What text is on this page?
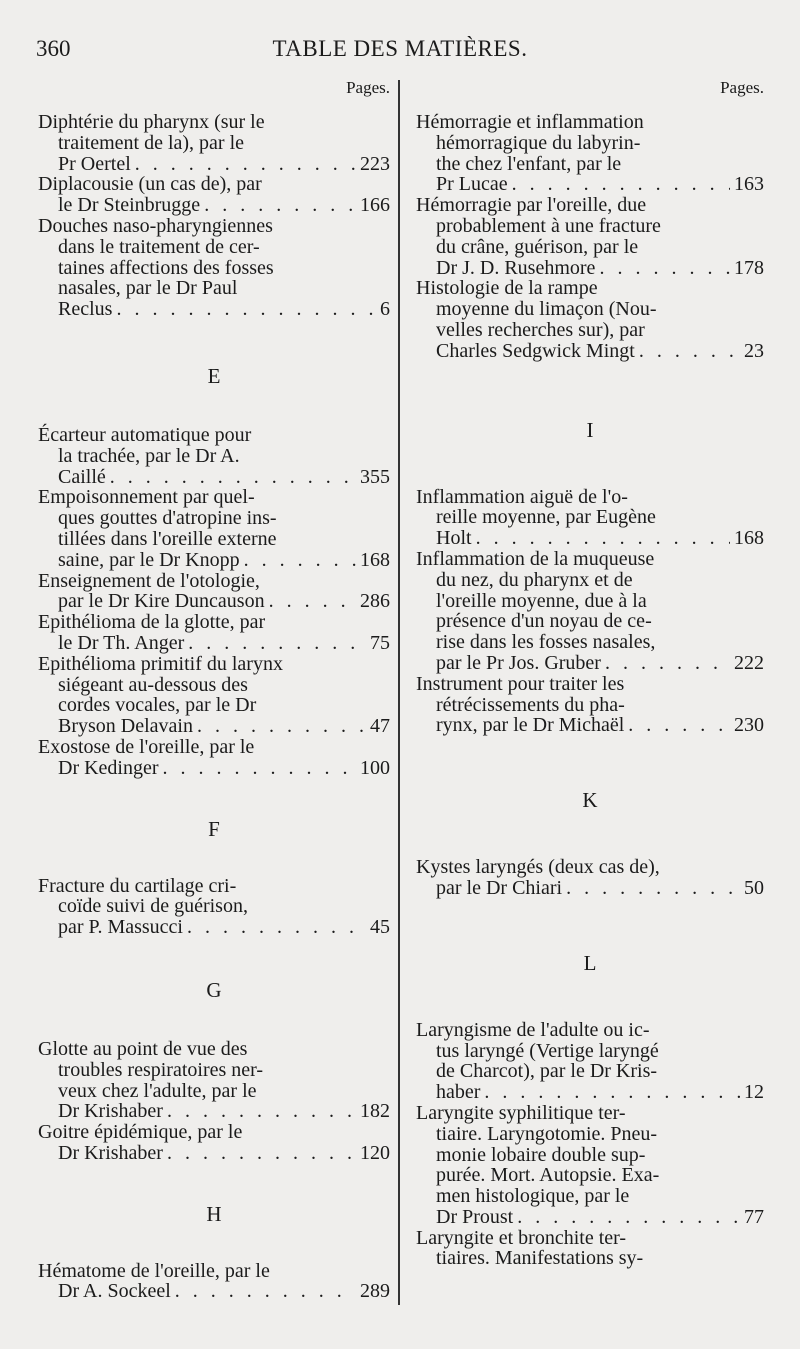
360	TABLE DES MATIÈRES.
Pages.
Diphtérie du pharynx (sur le
traitement de la), par le
Pr Oertel . . .	223
Diplacousie (un cas de), par
le Dr Steinbrugge . . .	166
Douches naso-pharyngiennes
dans le traitement de cer-
taines affections des fosses
nasales, par le Dr Paul
Reclus . . .	6
E
Écarteur automatique pour
la trachée, par le Dr A.
Caillé . . .	355
Empoisonnement par quel-
ques gouttes d'atropine ins-
tillées dans l'oreille externe
saine, par le Dr Knopp . . .	168
Enseignement de l'otologie,
par le Dr Kire Duncauson . . .	286
Epithélioma de la glotte, par
le Dr Th. Anger . . .	75
Epithélioma primitif du larynx
siégeant au-dessous des
cordes vocales, par le Dr
Bryson Delavain . . .	47
Exostose de l'oreille, par le
Dr Kedinger . . .	100
F
Fracture du cartilage cri-
coïde suivi de guérison,
par P. Massucci . . .	45
G
Glotte au point de vue des
troubles respiratoires ner-
veux chez l'adulte, par le
Dr Krishaber . . .	182
Goitre épidémique, par le
Dr Krishaber . . .	120
H
Hématome de l'oreille, par le
Dr A. Sockeel . . .	289
Pages.
Hémorragie et inflammation
hémorragique du labyrin-
the chez l'enfant, par le
Pr Lucae . . .	163
Hémorragie par l'oreille, due
probablement à une fracture
du crâne, guérison, par le
Dr J. D. Rusehmore . . .	178
Histologie de la rampe
moyenne du limaçon (Nou-
velles recherches sur), par
Charles Sedgwick Mingt . . .	23
I
Inflammation aiguë de l'o-
reille moyenne, par Eugène
Holt . . .	168
Inflammation de la muqueuse
du nez, du pharynx et de
l'oreille moyenne, due à la
présence d'un noyau de ce-
rise dans les fosses nasales,
par le Pr Jos. Gruber . . .	222
Instrument pour traiter les
rétrécissements du pha-
rynx, par le Dr Michaël . . .	230
K
Kystes laryngés (deux cas de),
par le Dr Chiari . . .	50
L
Laryngisme de l'adulte ou ic-
tus laryngé (Vertige laryngé
de Charcot), par le Dr Kris-
haber . . .	12
Laryngite syphilitique ter-
tiaire. Laryngotomie. Pneu-
monie lobaire double sup-
purée. Mort. Autopsie. Exa-
men histologique, par le
Dr Proust . . .	77
Laryngite et bronchite ter-
tiaires. Manifestations sy-
